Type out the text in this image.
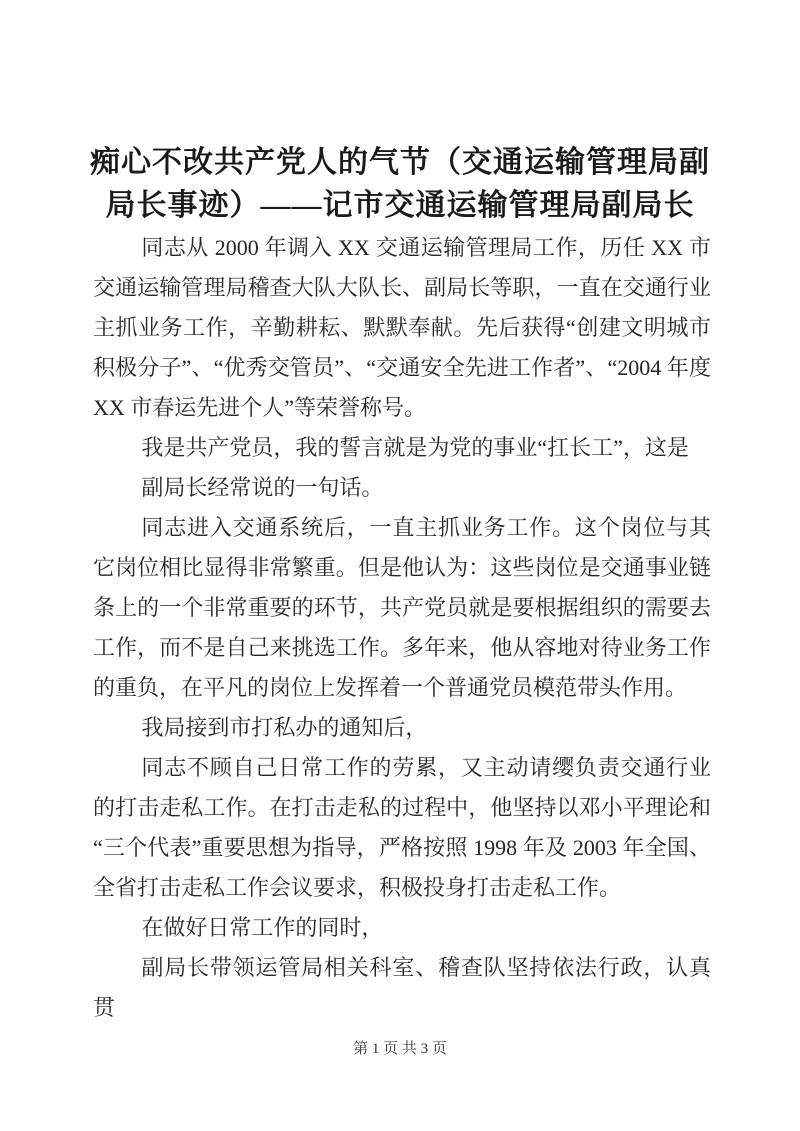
痴心不改共产党人的气节（交通运输管理局副
局长事迹）——记市交通运输管理局副局长

同志从 2000 年调入 XX 交通运输管理局工作，历任 XX 市交通运输管理局稽查大队大队长、副局长等职，一直在交通行业主抓业务工作，辛勤耕耘、默默奉献。先后获得“创建文明城市积极分子”、“优秀交管员”、“交通安全先进工作者”、“2004 年度 XX 市春运先进个人”等荣誉称号。

我是共产党员，我的誓言就是为党的事业“扛长工”，这是

副局长经常说的一句话。

同志进入交通系统后，一直主抓业务工作。这个岗位与其它岗位相比显得非常繁重。但是他认为：这些岗位是交通事业链条上的一个非常重要的环节，共产党员就是要根据组织的需要去工作，而不是自己来挑选工作。多年来，他从容地对待业务工作的重负，在平凡的岗位上发挥着一个普通党员模范带头作用。

我局接到市打私办的通知后，

同志不顾自己日常工作的劳累，又主动请缨负责交通行业的打击走私工作。在打击走私的过程中，他坚持以邓小平理论和“三个代表”重要思想为指导，严格按照 1998 年及 2003 年全国、全省打击走私工作会议要求，积极投身打击走私工作。

在做好日常工作的同时，

副局长带领运管局相关科室、稽查队坚持依法行政，认真贯

第 1 页 共 3 页
